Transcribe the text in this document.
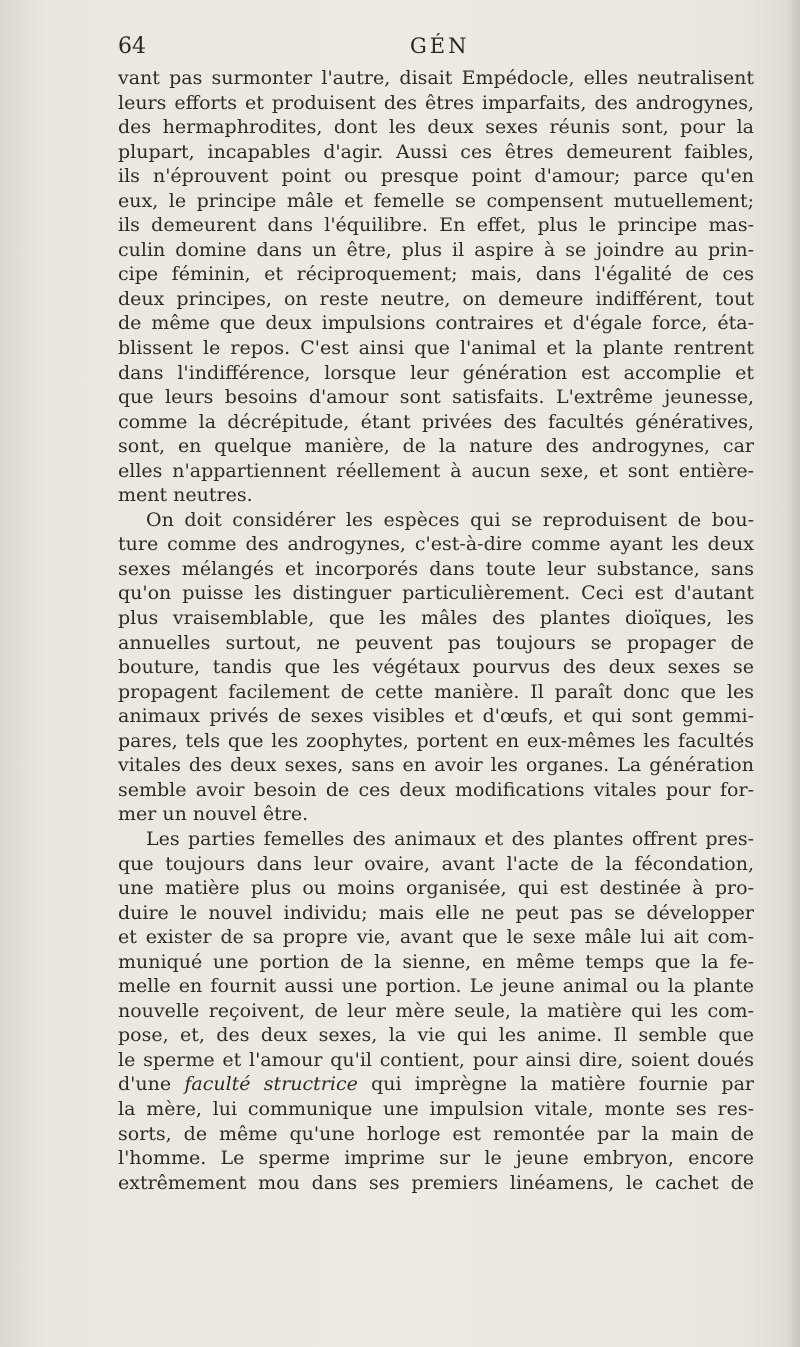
64	GÉN
vant pas surmonter l'autre, disait Empédocle, elles neutralisent
leurs efforts et produisent des êtres imparfaits, des androgynes,
des hermaphrodites, dont les deux sexes réunis sont, pour la
plupart, incapables d'agir. Aussi ces êtres demeurent faibles,
ils n'éprouvent point ou presque point d'amour; parce qu'en
eux, le principe mâle et femelle se compensent mutuellement;
ils demeurent dans l'équilibre. En effet, plus le principe mas-
culin domine dans un être, plus il aspire à se joindre au prin-
cipe féminin, et réciproquement; mais, dans l'égalité de ces
deux principes, on reste neutre, on demeure indifférent, tout
de même que deux impulsions contraires et d'égale force, éta-
blissent le repos. C'est ainsi que l'animal et la plante rentrent
dans l'indifférence, lorsque leur génération est accomplie et
que leurs besoins d'amour sont satisfaits. L'extrême jeunesse,
comme la décrépitude, étant privées des facultés génératives,
sont, en quelque manière, de la nature des androgynes, car
elles n'appartiennent réellement à aucun sexe, et sont entière-
ment neutres.
On doit considérer les espèces qui se reproduisent de bou-
ture comme des androgynes, c'est-à-dire comme ayant les deux
sexes mélangés et incorporés dans toute leur substance, sans
qu'on puisse les distinguer particulièrement. Ceci est d'autant
plus vraisemblable, que les mâles des plantes dioïques, les
annuelles surtout, ne peuvent pas toujours se propager de
bouture, tandis que les végétaux pourvus des deux sexes se
propagent facilement de cette manière. Il paraît donc que les
animaux privés de sexes visibles et d'œufs, et qui sont gemmi-
pares, tels que les zoophytes, portent en eux-mêmes les facultés
vitales des deux sexes, sans en avoir les organes. La génération
semble avoir besoin de ces deux modifications vitales pour for-
mer un nouvel être.
Les parties femelles des animaux et des plantes offrent pres-
que toujours dans leur ovaire, avant l'acte de la fécondation,
une matière plus ou moins organisée, qui est destinée à pro-
duire le nouvel individu; mais elle ne peut pas se développer
et exister de sa propre vie, avant que le sexe mâle lui ait com-
muniqué une portion de la sienne, en même temps que la fe-
melle en fournit aussi une portion. Le jeune animal ou la plante
nouvelle reçoivent, de leur mère seule, la matière qui les com-
pose, et, des deux sexes, la vie qui les anime. Il semble que
le sperme et l'amour qu'il contient, pour ainsi dire, soient doués
d'une faculté structrice qui imprègne la matière fournie par
la mère, lui communique une impulsion vitale, monte ses res-
sorts, de même qu'une horloge est remontée par la main de
l'homme. Le sperme imprime sur le jeune embryon, encore
extrêmement mou dans ses premiers linéamens, le cachet de
